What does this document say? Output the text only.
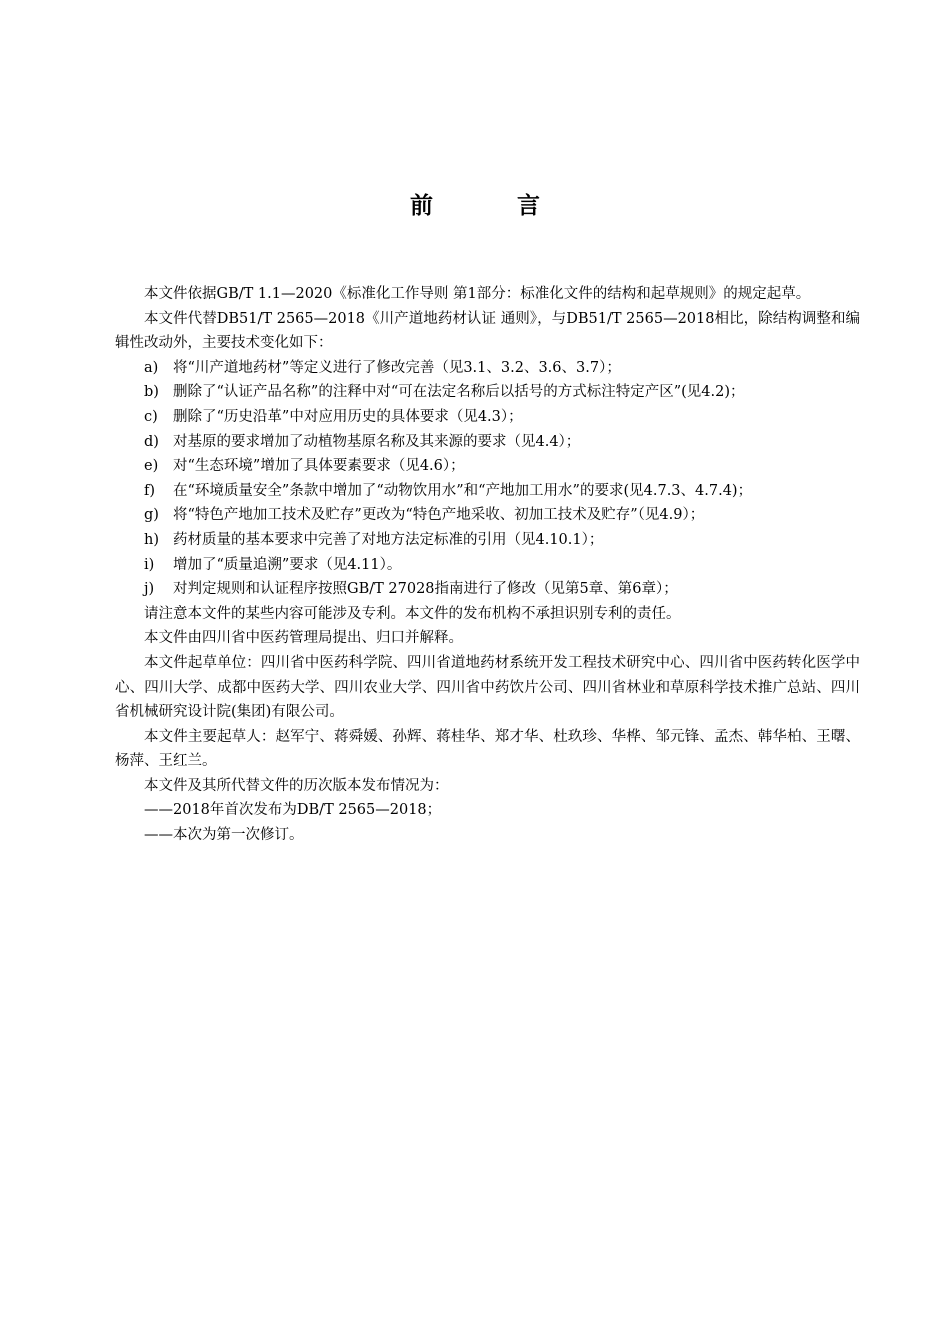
前 言

本文件依据GB/T 1.1—2020《标准化工作导则 第1部分：标准化文件的结构和起草规则》的规定起草。

本文件代替DB51/T 2565—2018《川产道地药材认证 通则》，与DB51/T 2565—2018相比，除结构调整和编辑性改动外，主要技术变化如下：

a) 将“川产道地药材”等定义进行了修改完善（见3.1、3.2、3.6、3.7）；

b) 删除了“认证产品名称”的注释中对“可在法定名称后以括号的方式标注特定产区”(见4.2)；

c) 删除了“历史沿革”中对应用历史的具体要求（见4.3）；

d) 对基原的要求增加了动植物基原名称及其来源的要求（见4.4）；

e) 对“生态环境”增加了具体要素要求（见4.6）；

f) 在“环境质量安全”条款中增加了“动物饮用水”和“产地加工用水”的要求(见4.7.3、4.7.4)；

g) 将“特色产地加工技术及贮存”更改为“特色产地采收、初加工技术及贮存”（见4.9）；

h) 药材质量的基本要求中完善了对地方法定标准的引用（见4.10.1）；

i) 增加了“质量追溯”要求（见4.11）。

j) 对判定规则和认证程序按照GB/T 27028指南进行了修改（见第5章、第6章）；

请注意本文件的某些内容可能涉及专利。本文件的发布机构不承担识别专利的责任。

本文件由四川省中医药管理局提出、归口并解释。

本文件起草单位：四川省中医药科学院、四川省道地药材系统开发工程技术研究中心、四川省中医药转化医学中心、四川大学、成都中医药大学、四川农业大学、四川省中药饮片公司、四川省林业和草原科学技术推广总站、四川省机械研究设计院(集团)有限公司。

本文件主要起草人：赵军宁、蒋舜媛、孙辉、蒋桂华、郑才华、杜玖珍、华桦、邹元锋、孟杰、韩华柏、王曙、杨萍、王红兰。

本文件及其所代替文件的历次版本发布情况为：

——2018年首次发布为DB/T 2565—2018；

——本次为第一次修订。
